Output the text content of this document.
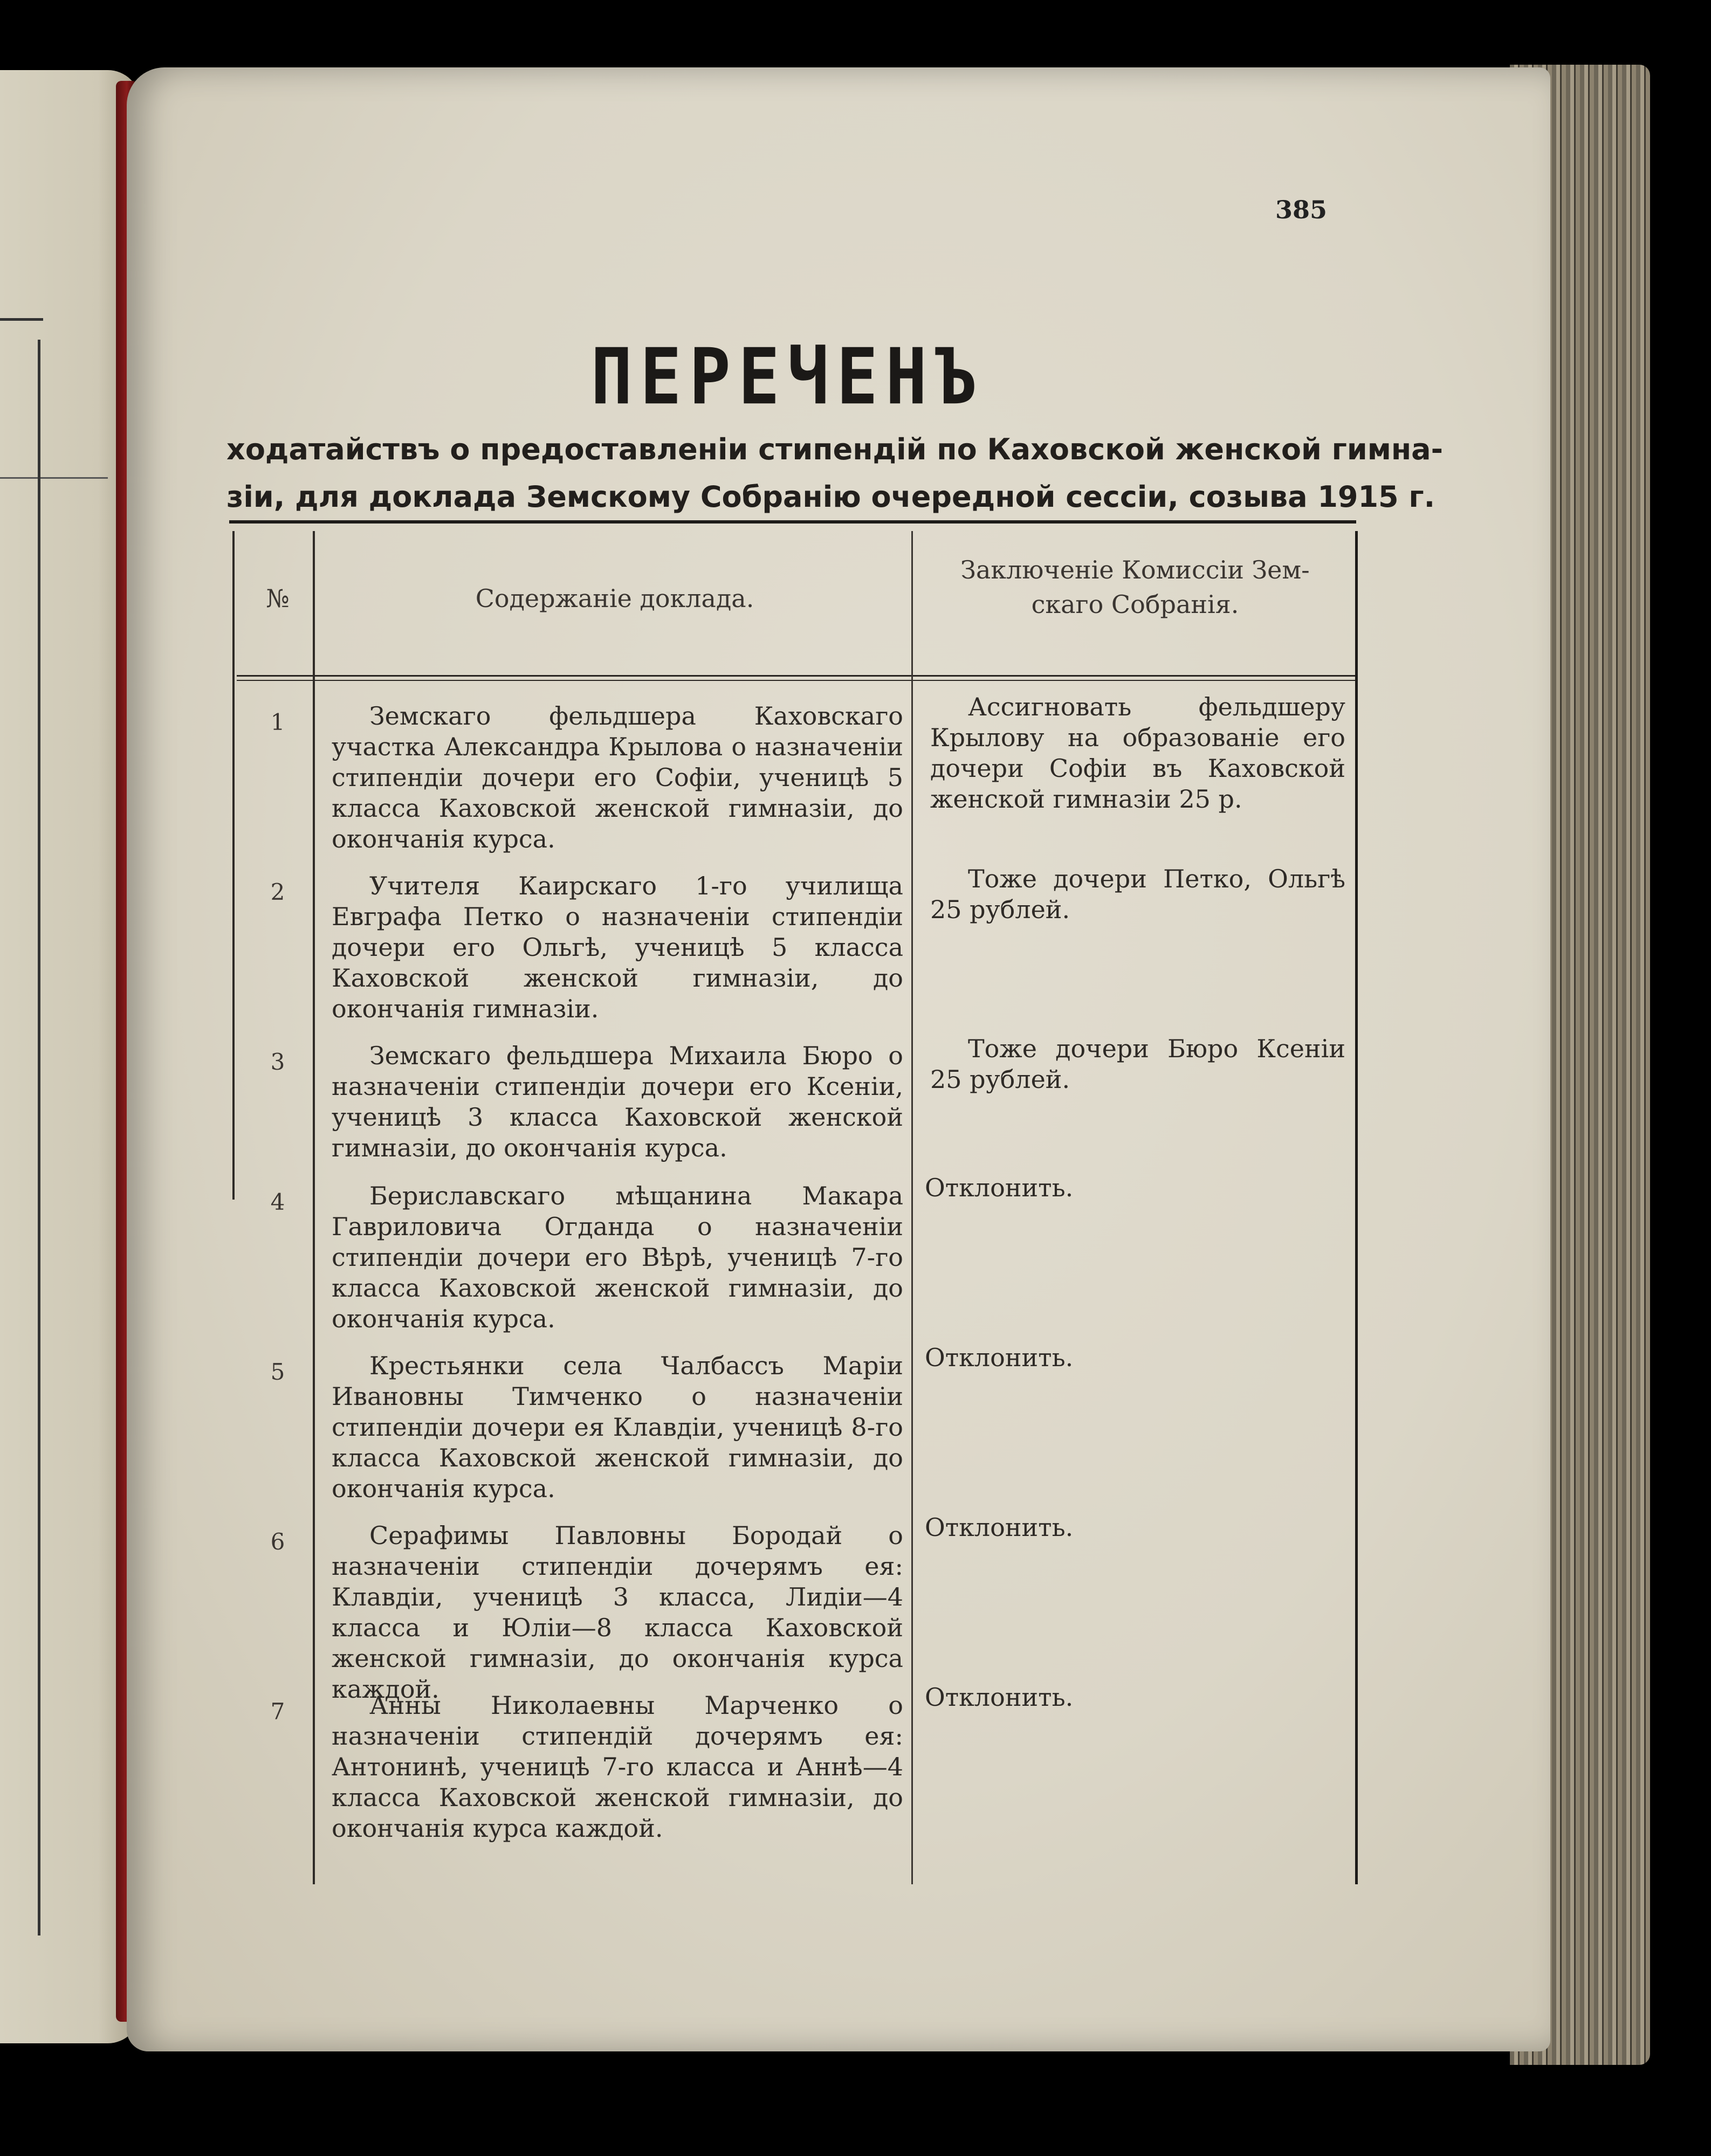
385
ПЕРЕЧЕНЪ
ходатайствъ о предоставленіи стипендій по Каховской женской гимна-
зіи, для доклада Земскому Собранію очередной сессіи, созыва 1915 г.
№	Содержаніе доклада.
Заключеніе Комиссіи Зем-
скаго Собранія.
1	Земскаго фельдшера Каховскаго участка Александра Крылова о назначеніи стипендіи дочери его Софіи, ученицѣ 5 класса Каховской женской гимназіи, до окончанія курса.
Ассигновать фельдшеру Крылову на образованіе его дочери Софіи въ Каховской женской гимназіи 25 р.
2	Учителя Каирскаго 1-го училища Евграфа Петко о назначеніи стипендіи дочери его Ольгѣ, ученицѣ 5 класса Каховской женской гимназіи, до окончанія гимназіи.
Тоже дочери Петко, Ольгѣ 25 рублей.
3	Земскаго фельдшера Михаила Бюро о назначеніи стипендіи дочери его Ксеніи, ученицѣ 3 класса Каховской женской гимназіи, до окончанія курса.
Тоже дочери Бюро Ксеніи 25 рублей.
4	Бериславскаго мѣщанина Макара Гавриловича Огданда о назначеніи стипендіи дочери его Вѣрѣ, ученицѣ 7-го класса Каховской женской гимназіи, до окончанія курса.
Отклонить.
5	Крестьянки села Чалбассъ Маріи Ивановны Тимченко о назначеніи стипендіи дочери ея Клавдіи, ученицѣ 8-го класса Каховской женской гимназіи, до окончанія курса.
Отклонить.
6	Серафимы Павловны Бородай о назначеніи стипендіи дочерямъ ея: Клавдіи, ученицѣ 3 класса, Лидіи—4 класса и Юліи—8 класса Каховской женской гимназіи, до окончанія курса каждой.
Отклонить.
7	Анны Николаевны Марченко о назначеніи стипендій дочерямъ ея: Антонинѣ, ученицѣ 7-го класса и Аннѣ—4 класса Каховской женской гимназіи, до окончанія курса каждой.
Отклонить.
